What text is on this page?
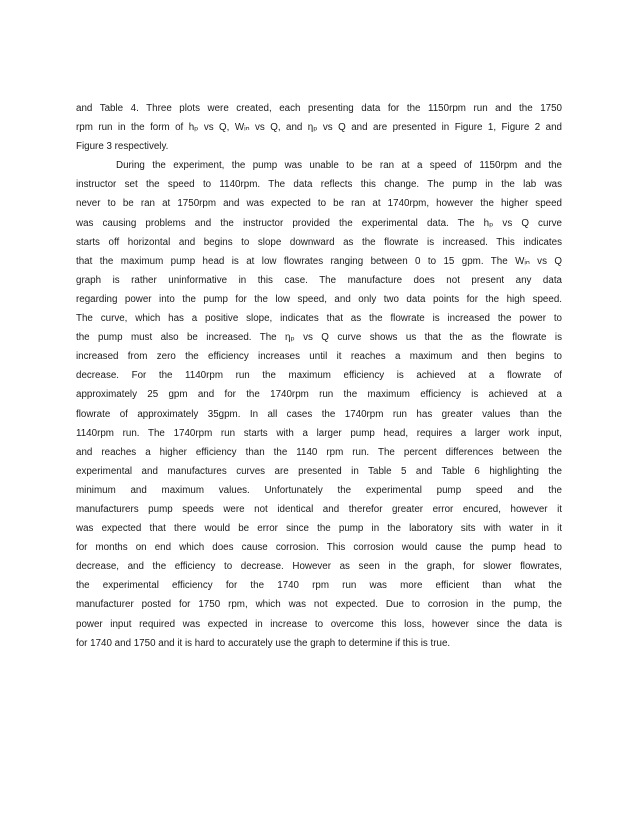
and Table 4. Three plots were created, each presenting data for the 1150rpm run and the 1750
rpm run in the form of hₚ vs Q, Wᵢₙ vs Q, and ηₚ vs Q and are presented in Figure 1, Figure 2 and
Figure 3 respectively.
During the experiment, the pump was unable to be ran at a speed of 1150rpm and the
instructor set the speed to 1140rpm. The data reflects this change. The pump in the lab was
never to be ran at 1750rpm and was expected to be ran at 1740rpm, however the higher speed
was causing problems and the instructor provided the experimental data. The hₚ vs Q curve
starts off horizontal and begins to slope downward as the flowrate is increased. This indicates
that the maximum pump head is at low flowrates ranging between 0 to 15 gpm. The Wᵢₙ vs Q
graph is rather uninformative in this case. The manufacture does not present any data
regarding power into the pump for the low speed, and only two data points for the high speed.
The curve, which has a positive slope, indicates that as the flowrate is increased the power to
the pump must also be increased. The ηₚ vs Q curve shows us that the as the flowrate is
increased from zero the efficiency increases until it reaches a maximum and then begins to
decrease. For the 1140rpm run the maximum efficiency is achieved at a flowrate of
approximately 25 gpm and for the 1740rpm run the maximum efficiency is achieved at a
flowrate of approximately 35gpm. In all cases the 1740rpm run has greater values than the
1140rpm run. The 1740rpm run starts with a larger pump head, requires a larger work input,
and reaches a higher efficiency than the 1140 rpm run. The percent differences between the
experimental and manufactures curves are presented in Table 5 and Table 6 highlighting the
minimum and maximum values. Unfortunately the experimental pump speed and the
manufacturers pump speeds were not identical and therefor greater error encured, however it
was expected that there would be error since the pump in the laboratory sits with water in it
for months on end which does cause corrosion. This corrosion would cause the pump head to
decrease, and the efficiency to decrease. However as seen in the graph, for slower flowrates,
the experimental efficiency for the 1740 rpm run was more efficient than what the
manufacturer posted for 1750 rpm, which was not expected. Due to corrosion in the pump, the
power input required was expected in increase to overcome this loss, however since the data is
for 1740 and 1750 and it is hard to accurately use the graph to determine if this is true.
